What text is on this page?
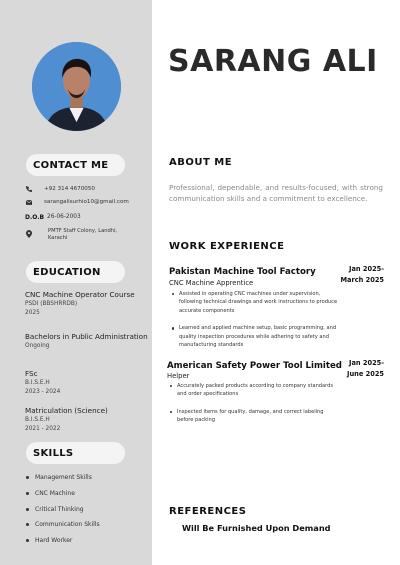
CONTACT ME
+92 314 4670050
sarangalisurhio10@gmail.com
D.O.B 26-06-2003
PMTF Staff Colony, Landhi,
Karachi
EDUCATION
CNC Machine Operator Course
PSDI (BBSHRRDB)
2025
Bachelors in Public Administration
Ongoing
FSc
B.I.S.E.H
2023 - 2024
Matriculation (Science)
B.I.S.E.H
2021 - 2022
SKILLS
Management Skills
CNC Machine
Critical Thinking
Communication Skills
Hard Worker
SARANG ALI
ABOUT ME
Professional, dependable, and results-focused, with strong communication skills and a commitment to excellence.
WORK EXPERIENCE
Pakistan Machine Tool Factory
CNC Machine Apprentice
Jan 2025-
March 2025
Assisted in operating CNC machines under supervision, following technical drawings and work instructions to produce accurate components
Learned and applied machine setup, basic programming, and quality inspection procedures while adhering to safety and manufacturing standards
American Safety Power Tool Limited
Helper
Jan 2025-
June 2025
Accurately packed products according to company standards and order specifications
Inspected items for quality, damage, and correct labeling before packing
REFERENCES
Will Be Furnished Upon Demand
